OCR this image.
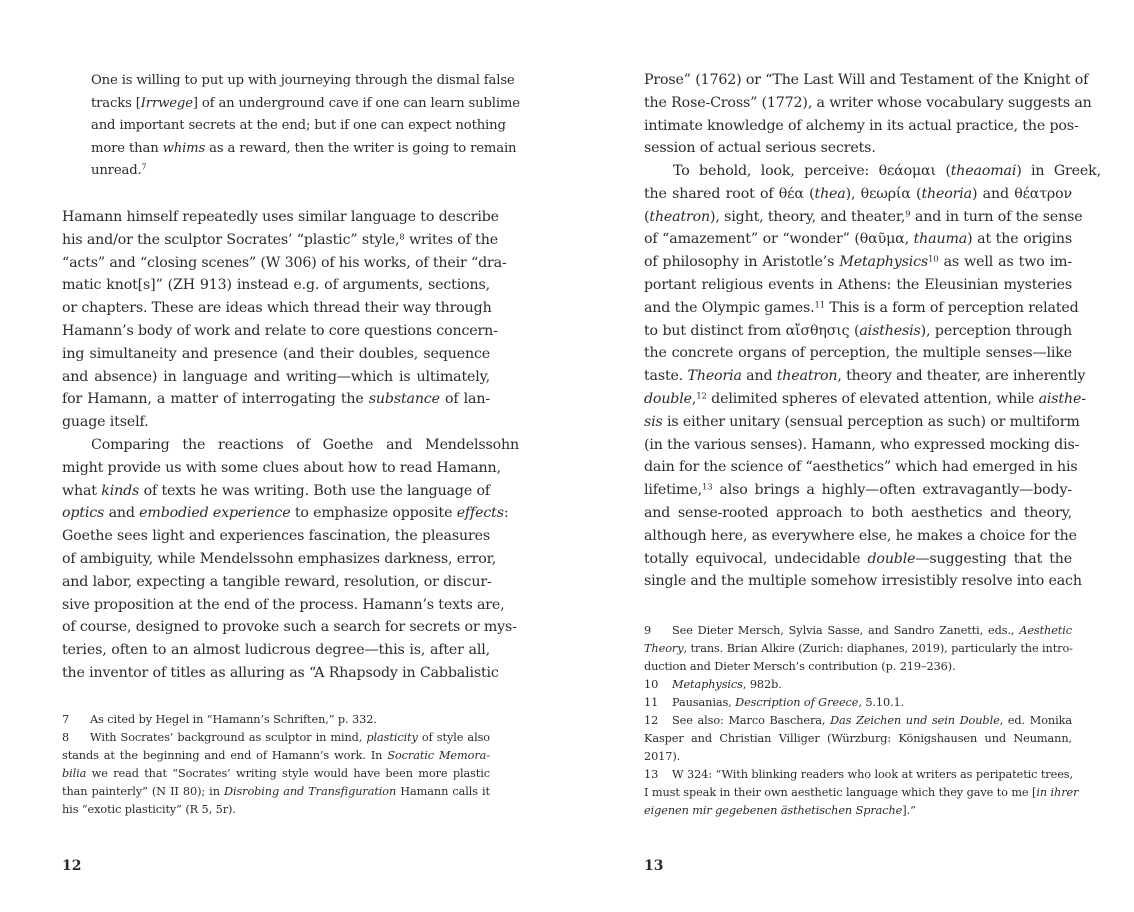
One is willing to put up with journeying through the dismal false
tracks [Irrwege] of an underground cave if one can learn sublime
and important secrets at the end; but if one can expect nothing
more than whims as a reward, then the writer is going to remain
unread.$^7$
Hamann himself repeatedly uses similar language to describe
his and/or the sculptor Socrates’ “plastic” style,$^8$ writes of the
“acts” and “closing scenes” (W 306) of his works, of their “dra-
matic knot[s]” (ZH 913) instead e.g. of arguments, sections,
or chapters. These are ideas which thread their way through
Hamann’s body of work and relate to core questions concern-
ing simultaneity and presence (and their doubles, sequence
and absence) in language and writing—which is ultimately,
for Hamann, a matter of interrogating the substance of lan-
guage itself.
Comparing the reactions of Goethe and Mendelssohn
might provide us with some clues about how to read Hamann,
what kinds of texts he was writing. Both use the language of
optics and embodied experience to emphasize opposite effects:
Goethe sees light and experiences fascination, the pleasures
of ambiguity, while Mendelssohn emphasizes darkness, error,
and labor, expecting a tangible reward, resolution, or discur-
sive proposition at the end of the process. Hamann’s texts are,
of course, designed to provoke such a search for secrets or mys-
teries, often to an almost ludicrous degree—this is, after all,
the inventor of titles as alluring as “A Rhapsody in Cabbalistic
7 As cited by Hegel in “Hamann’s Schriften,” p. 332.
8 With Socrates’ background as sculptor in mind, plasticity of style also
stands at the beginning and end of Hamann’s work. In Socratic Memora-
bilia we read that “Socrates’ writing style would have been more plastic
than painterly” (N II 80); in Disrobing and Transfiguration Hamann calls it
his “exotic plasticity” (R 5, 5r).
12
Prose” (1762) or “The Last Will and Testament of the Knight of
the Rose-Cross” (1772), a writer whose vocabulary suggests an
intimate knowledge of alchemy in its actual practice, the pos-
session of actual serious secrets.
To behold, look, perceive: θεάομαι (theaomai) in Greek,
the shared root of θέα (thea), θεωρία (theoria) and θέατρον
(theatron), sight, theory, and theater,$^9$ and in turn of the sense
of “amazement” or “wonder” (θαῦμα, thauma) at the origins
of philosophy in Aristotle’s Metaphysics$^{10}$ as well as two im-
portant religious events in Athens: the Eleusinian mysteries
and the Olympic games.$^{11}$ This is a form of perception related
to but distinct from αἴσθησις (aisthesis), perception through
the concrete organs of perception, the multiple senses—like
taste. Theoria and theatron, theory and theater, are inherently
double,$^{12}$ delimited spheres of elevated attention, while aisthe-
sis is either unitary (sensual perception as such) or multiform
(in the various senses). Hamann, who expressed mocking dis-
dain for the science of “aesthetics” which had emerged in his
lifetime,$^{13}$ also brings a highly—often extravagantly—body-
and sense-rooted approach to both aesthetics and theory,
although here, as everywhere else, he makes a choice for the
totally equivocal, undecidable double—suggesting that the
single and the multiple somehow irresistibly resolve into each
9 See Dieter Mersch, Sylvia Sasse, and Sandro Zanetti, eds., Aesthetic
Theory, trans. Brian Alkire (Zurich: diaphanes, 2019), particularly the intro-
duction and Dieter Mersch’s contribution (p. 219–236).
10 Metaphysics, 982b.
11 Pausanias, Description of Greece, 5.10.1.
12 See also: Marco Baschera, Das Zeichen und sein Double, ed. Monika
Kasper and Christian Villiger (Würzburg: Königshausen und Neumann,
2017).
13 W 324: “With blinking readers who look at writers as peripatetic trees,
I must speak in their own aesthetic language which they gave to me [in ihrer
eigenen mir gegebenen ästhetischen Sprache].”
13
